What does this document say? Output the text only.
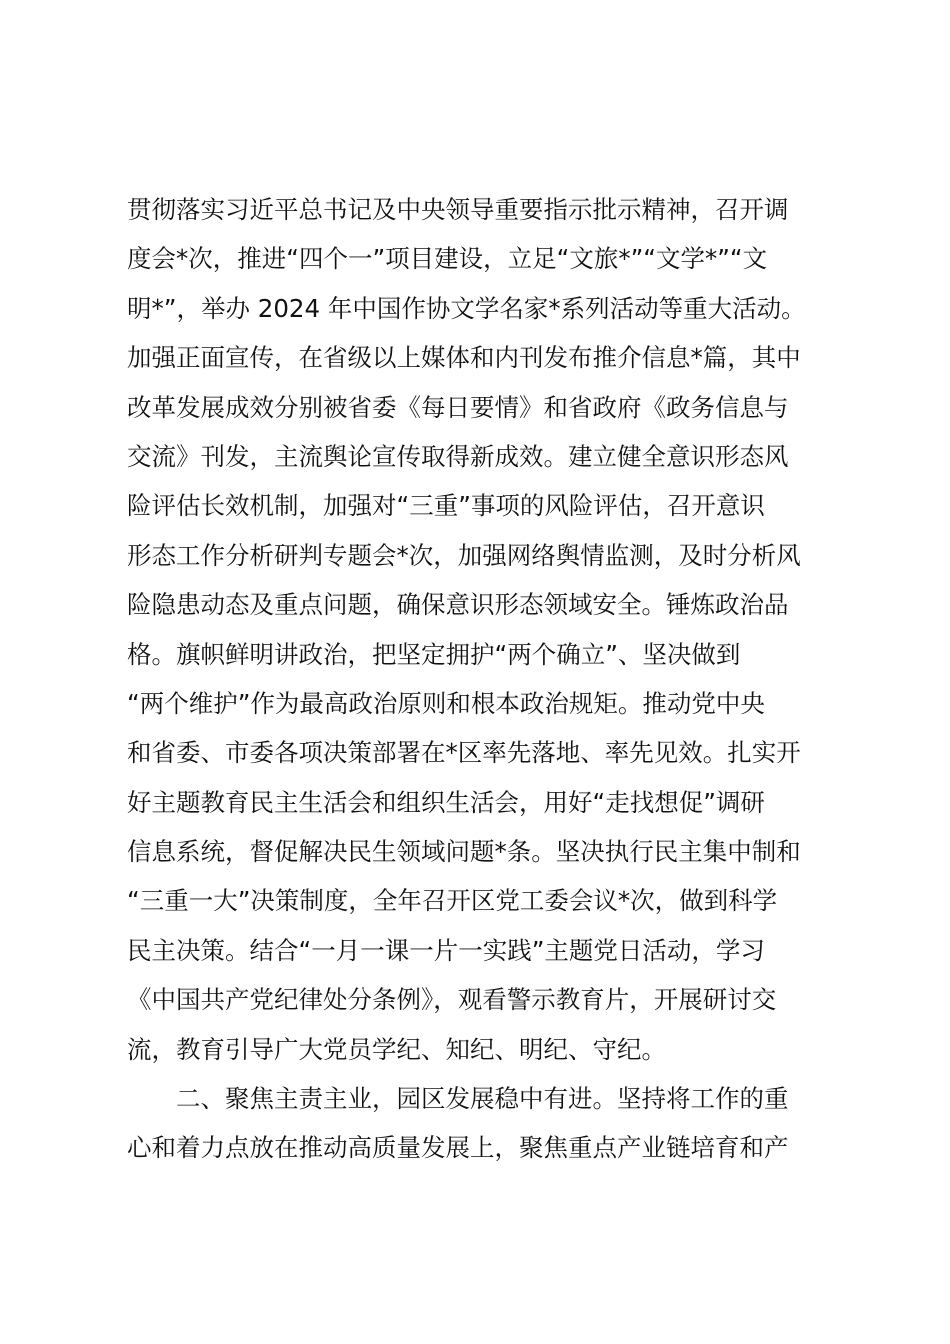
贯彻落实习近平总书记及中央领导重要指示批示精神，召开调
度会*次，推进“四个一”项目建设，立足“文旅*”“文学*”“文
明*”，举办 2024 年中国作协文学名家*系列活动等重大活动。
加强正面宣传，在省级以上媒体和内刊发布推介信息*篇，其中
改革发展成效分别被省委《每日要情》和省政府《政务信息与
交流》刊发，主流舆论宣传取得新成效。建立健全意识形态风
险评估长效机制，加强对“三重”事项的风险评估，召开意识
形态工作分析研判专题会*次，加强网络舆情监测，及时分析风
险隐患动态及重点问题，确保意识形态领域安全。锤炼政治品
格。旗帜鲜明讲政治，把坚定拥护“两个确立”、坚决做到
“两个维护”作为最高政治原则和根本政治规矩。推动党中央
和省委、市委各项决策部署在*区率先落地、率先见效。扎实开
好主题教育民主生活会和组织生活会，用好“走找想促”调研
信息系统，督促解决民生领域问题*条。坚决执行民主集中制和
“三重一大”决策制度，全年召开区党工委会议*次，做到科学
民主决策。结合“一月一课一片一实践”主题党日活动，学习
《中国共产党纪律处分条例》，观看警示教育片，开展研讨交
流，教育引导广大党员学纪、知纪、明纪、守纪。
二、聚焦主责主业，园区发展稳中有进。坚持将工作的重
心和着力点放在推动高质量发展上，聚焦重点产业链培育和产
